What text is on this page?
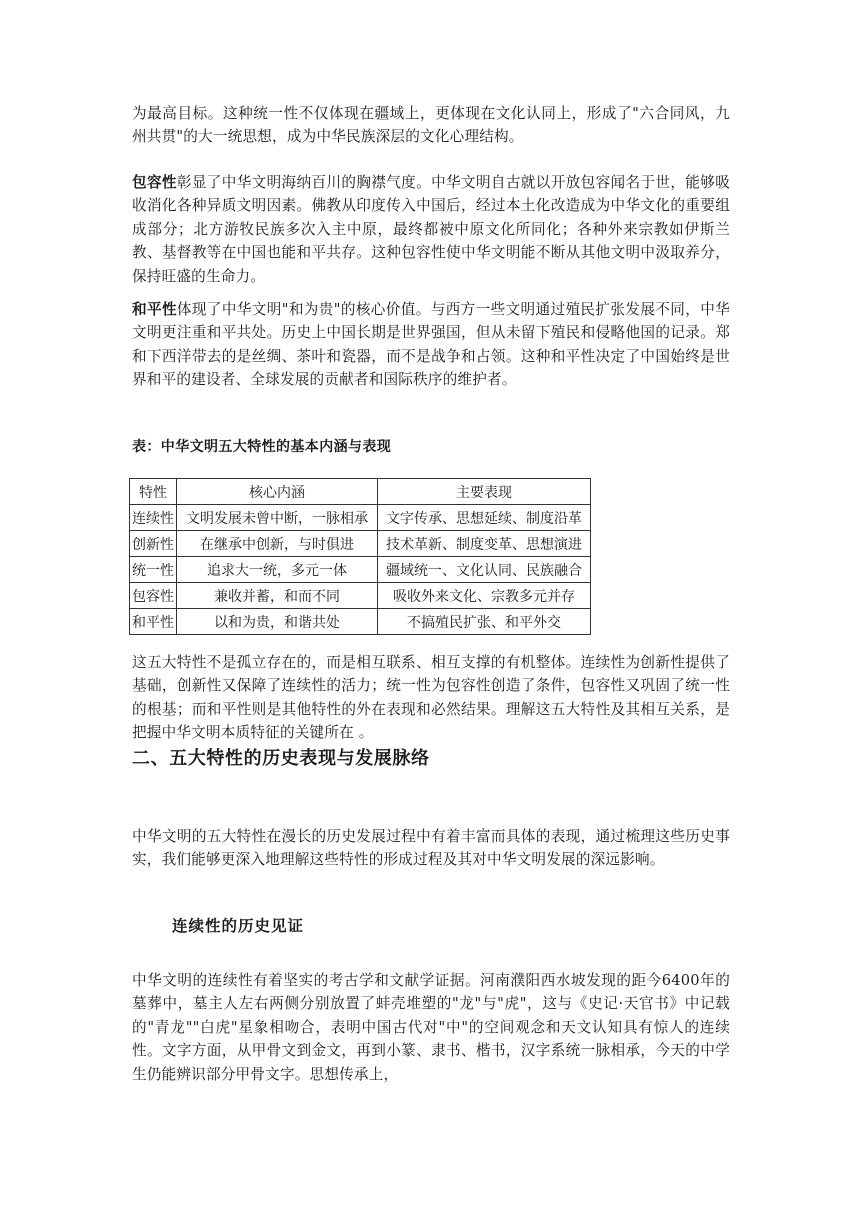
为最高目标。这种统一性不仅体现在疆域上，更体现在文化认同上，形成了"六合同风，九州共贯"的大一统思想，成为中华民族深层的文化心理结构。

包容性彰显了中华文明海纳百川的胸襟气度。中华文明自古就以开放包容闻名于世，能够吸收消化各种异质文明因素。佛教从印度传入中国后，经过本土化改造成为中华文化的重要组成部分；北方游牧民族多次入主中原，最终都被中原文化所同化；各种外来宗教如伊斯兰教、基督教等在中国也能和平共存。这种包容性使中华文明能不断从其他文明中汲取养分，保持旺盛的生命力。

和平性体现了中华文明"和为贵"的核心价值。与西方一些文明通过殖民扩张发展不同，中华文明更注重和平共处。历史上中国长期是世界强国，但从未留下殖民和侵略他国的记录。郑和下西洋带去的是丝绸、茶叶和瓷器，而不是战争和占领。这种和平性决定了中国始终是世界和平的建设者、全球发展的贡献者和国际秩序的维护者。

表：中华文明五大特性的基本内涵与表现
特性	核心内涵	主要表现
连续性	文明发展未曾中断，一脉相承	文字传承、思想延续、制度沿革
创新性	在继承中创新，与时俱进	技术革新、制度变革、思想演进
统一性	追求大一统，多元一体	疆域统一、文化认同、民族融合
包容性	兼收并蓄，和而不同	吸收外来文化、宗教多元并存
和平性	以和为贵，和谐共处	不搞殖民扩张、和平外交

这五大特性不是孤立存在的，而是相互联系、相互支撑的有机整体。连续性为创新性提供了基础，创新性又保障了连续性的活力；统一性为包容性创造了条件，包容性又巩固了统一性的根基；而和平性则是其他特性的外在表现和必然结果。理解这五大特性及其相互关系，是把握中华文明本质特征的关键所在 。

二、五大特性的历史表现与发展脉络

中华文明的五大特性在漫长的历史发展过程中有着丰富而具体的表现，通过梳理这些历史事实，我们能够更深入地理解这些特性的形成过程及其对中华文明发展的深远影响。

连续性的历史见证

中华文明的连续性有着坚实的考古学和文献学证据。河南濮阳西水坡发现的距今6400年的墓葬中，墓主人左右两侧分别放置了蚌壳堆塑的"龙"与"虎"，这与《史记·天官书》中记载的"青龙""白虎"星象相吻合，表明中国古代对"中"的空间观念和天文认知具有惊人的连续性。文字方面，从甲骨文到金文，再到小篆、隶书、楷书，汉字系统一脉相承，今天的中学生仍能辨识部分甲骨文字。思想传承上，
